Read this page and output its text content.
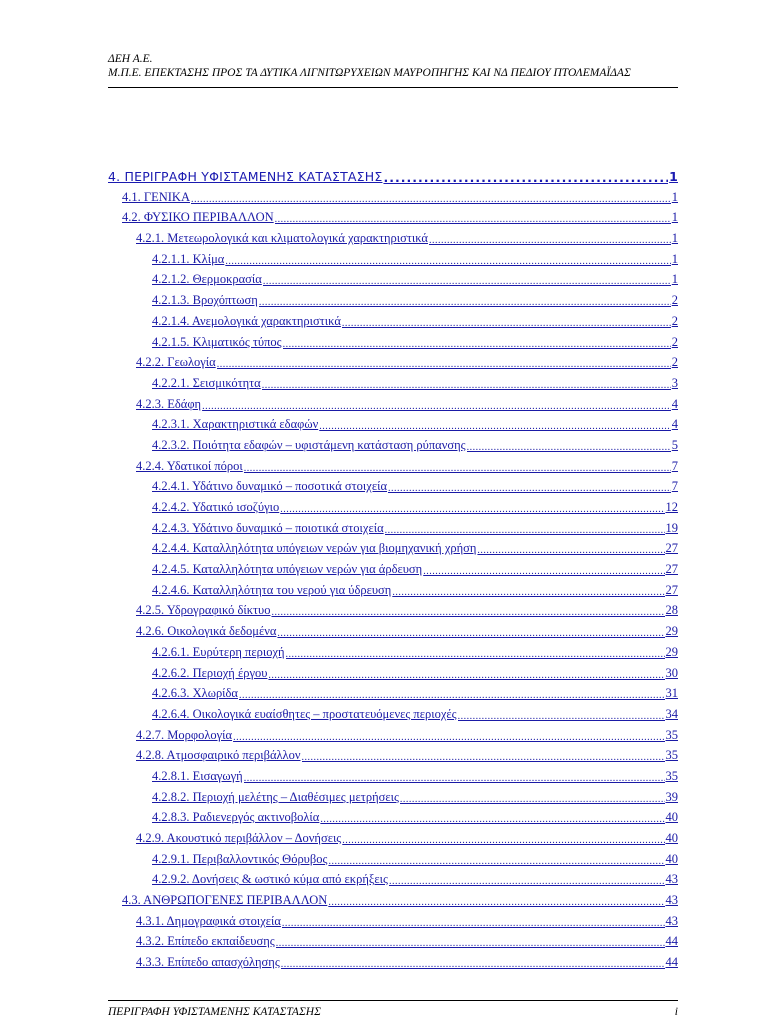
ΔΕΗ Α.Ε.
Μ.Π.Ε. ΕΠΕΚΤΑΣΗΣ ΠΡΟΣ ΤΑ ΔΥΤΙΚΑ ΛΙΓΝΙΤΩΡΥΧΕΙΩΝ ΜΑΥΡΟΠΗΓΗΣ ΚΑΙ ΝΔ ΠΕΔΙΟΥ ΠΤΟΛΕΜΑΪΔΑΣ
4. ΠΕΡΙΓΡΑΦΗ ΥΦΙΣΤΑΜΕΝΗΣ ΚΑΤΑΣΤΑΣΗΣ .....	1
4.1. ΓΕΝΙΚΑ .....	1
4.2. ΦΥΣΙΚΟ ΠΕΡΙΒΑΛΛΟΝ .....	1
4.2.1. Μετεωρολογικά και κλιματολογικά χαρακτηριστικά .....	1
4.2.1.1. Κλίμα .....	1
4.2.1.2. Θερμοκρασία .....	1
4.2.1.3. Βροχόπτωση .....	2
4.2.1.4. Ανεμολογικά χαρακτηριστικά .....	2
4.2.1.5. Κλιματικός τύπος .....	2
4.2.2. Γεωλογία .....	2
4.2.2.1. Σεισμικότητα .....	3
4.2.3. Εδάφη .....	4
4.2.3.1. Χαρακτηριστικά εδαφών .....	4
4.2.3.2. Ποιότητα εδαφών – υφιστάμενη κατάσταση ρύπανσης .....	5
4.2.4. Υδατικοί πόροι .....	7
4.2.4.1. Υδάτινο δυναμικό – ποσοτικά στοιχεία .....	7
4.2.4.2. Υδατικό ισοζύγιο .....	12
4.2.4.3. Υδάτινο δυναμικό – ποιοτικά στοιχεία .....	19
4.2.4.4. Καταλληλότητα υπόγειων νερών για βιομηχανική χρήση .....	27
4.2.4.5. Καταλληλότητα υπόγειων νερών για άρδευση .....	27
4.2.4.6. Καταλληλότητα του νερού για ύδρευση .....	27
4.2.5. Υδρογραφικό δίκτυο .....	28
4.2.6. Οικολογικά δεδομένα .....	29
4.2.6.1. Ευρύτερη περιοχή .....	29
4.2.6.2. Περιοχή έργου .....	30
4.2.6.3. Χλωρίδα .....	31
4.2.6.4. Οικολογικά ευαίσθητες – προστατευόμενες περιοχές .....	34
4.2.7. Μορφολογία .....	35
4.2.8. Ατμοσφαιρικό περιβάλλον .....	35
4.2.8.1. Εισαγωγή .....	35
4.2.8.2. Περιοχή μελέτης – Διαθέσιμες μετρήσεις .....	39
4.2.8.3. Ραδιενεργός ακτινοβολία .....	40
4.2.9. Ακουστικό περιβάλλον – Δονήσεις .....	40
4.2.9.1. Περιβαλλοντικός Θόρυβος .....	40
4.2.9.2. Δονήσεις & ωστικό κύμα από εκρήξεις .....	43
4.3. ΑΝΘΡΩΠΟΓΕΝΕΣ ΠΕΡΙΒΑΛΛΟΝ .....	43
4.3.1. Δημογραφικά στοιχεία .....	43
4.3.2. Επίπεδο εκπαίδευσης .....	44
4.3.3. Επίπεδο απασχόλησης .....	44
ΠΕΡΙΓΡΑΦΗ ΥΦΙΣΤΑΜΕΝΗΣ ΚΑΤΑΣΤΑΣΗΣ	i
